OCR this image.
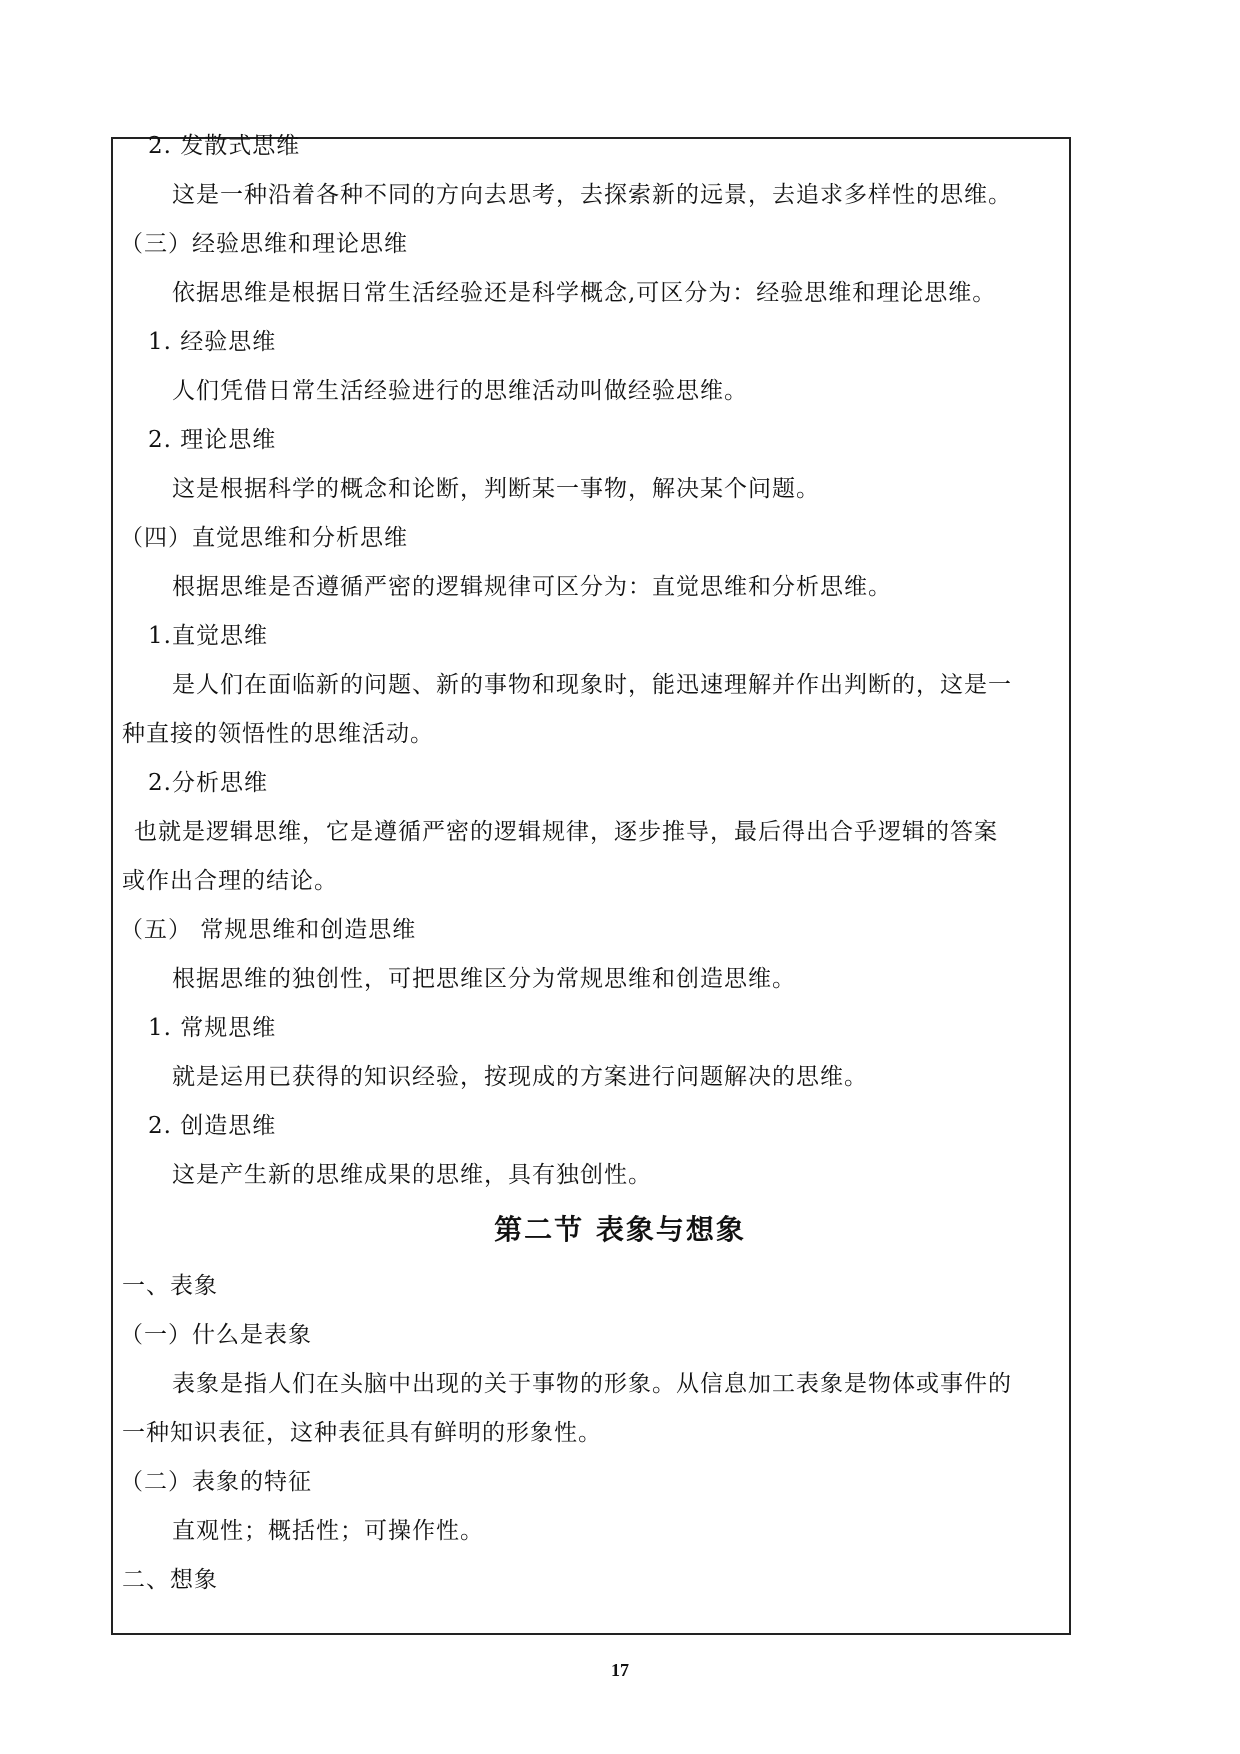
2. 发散式思维
这是一种沿着各种不同的方向去思考，去探索新的远景，去追求多样性的思维。
（三）经验思维和理论思维
依据思维是根据日常生活经验还是科学概念,可区分为：经验思维和理论思维。
1. 经验思维
人们凭借日常生活经验进行的思维活动叫做经验思维。
2. 理论思维
这是根据科学的概念和论断，判断某一事物，解决某个问题。
（四）直觉思维和分析思维
根据思维是否遵循严密的逻辑规律可区分为：直觉思维和分析思维。
1.直觉思维
是人们在面临新的问题、新的事物和现象时，能迅速理解并作出判断的，这是一
种直接的领悟性的思维活动。
2.分析思维
也就是逻辑思维，它是遵循严密的逻辑规律，逐步推导，最后得出合乎逻辑的答案
或作出合理的结论。
（五） 常规思维和创造思维
根据思维的独创性，可把思维区分为常规思维和创造思维。
1. 常规思维
就是运用已获得的知识经验，按现成的方案进行问题解决的思维。
2. 创造思维
这是产生新的思维成果的思维，具有独创性。
第二节 表象与想象
一、表象
（一）什么是表象
表象是指人们在头脑中出现的关于事物的形象。从信息加工表象是物体或事件的
一种知识表征，这种表征具有鲜明的形象性。
（二）表象的特征
直观性；概括性；可操作性。
二、想象
17
